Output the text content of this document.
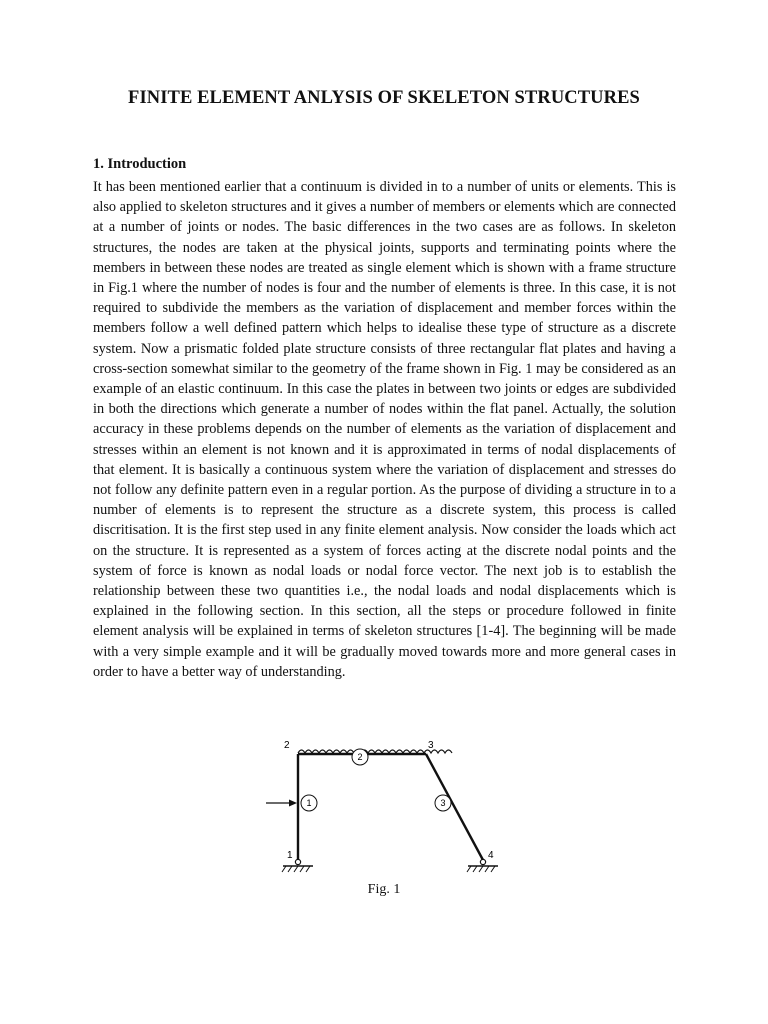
FINITE ELEMENT ANLYSIS OF SKELETON STRUCTURES
1. Introduction

It has been mentioned earlier that a continuum is divided in to a number of units or elements. This is also applied to skeleton structures and it gives a number of members or elements which are connected at a number of joints or nodes. The basic differences in the two cases are as follows. In skeleton structures, the nodes are taken at the physical joints, supports and terminating points where the members in between these nodes are treated as single element which is shown with a frame structure in Fig.1 where the number of nodes is four and the number of elements is three. In this case, it is not required to subdivide the members as the variation of displacement and member forces within the members follow a well defined pattern which helps to idealise these type of structure as a discrete system. Now a prismatic folded plate structure consists of three rectangular flat plates and having a cross-section somewhat similar to the geometry of the frame shown in Fig. 1 may be considered as an example of an elastic continuum. In this case the plates in between two joints or edges are subdivided in both the directions which generate a number of nodes within the flat panel. Actually, the solution accuracy in these problems depends on the number of elements as the variation of displacement and stresses within an element is not known and it is approximated in terms of nodal displacements of that element. It is basically a continuous system where the variation of displacement and stresses do not follow any definite pattern even in a regular portion. As the purpose of dividing a structure in to a number of elements is to represent the structure as a discrete system, this process is called discritisation. It is the first step used in any finite element analysis. Now consider the loads which act on the structure. It is represented as a system of forces acting at the discrete nodal points and the system of force is known as nodal loads or nodal force vector. The next job is to establish the relationship between these two quantities i.e., the nodal loads and nodal displacements which is explained in the following section. In this section, all the steps or procedure followed in finite element analysis will be explained in terms of skeleton structures [1-4]. The beginning will be made with a very simple example and it will be gradually moved towards more and more general cases in order to have a better way of understanding.

1
2
3
1
2	3
4

Fig. 1
